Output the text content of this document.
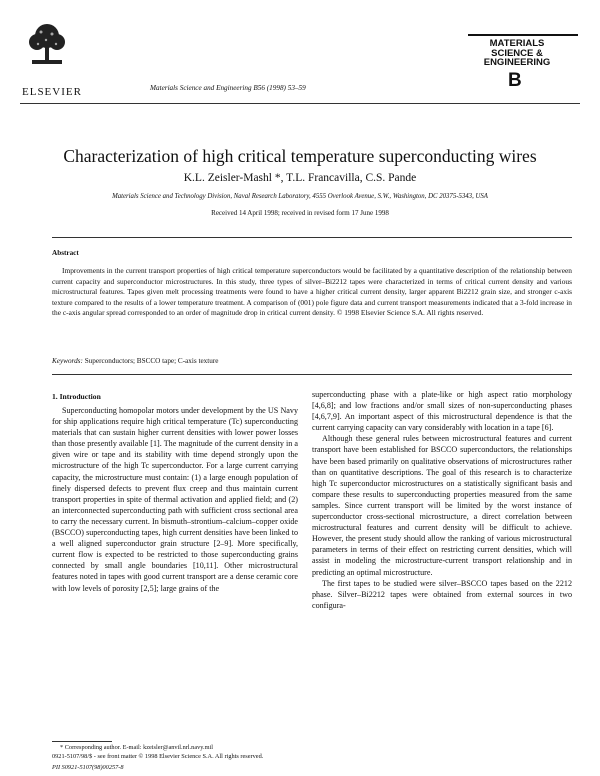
ELSEVIER	Materials Science and Engineering B56 (1998) 53–59
MATERIALS
SCIENCE &
ENGINEERING
B
Characterization of high critical temperature superconducting wires
K.L. Zeisler-Mashl *, T.L. Francavilla, C.S. Pande
Materials Science and Technology Division, Naval Research Laboratory, 4555 Overlook Avenue, S.W., Washington, DC 20375-5343, USA
Received 14 April 1998; received in revised form 17 June 1998
Abstract
Improvements in the current transport properties of high critical temperature superconductors would be facilitated by a quantitative description of the relationship between current capacity and superconductor microstructures. In this study, three types of silver–Bi2212 tapes were characterized in terms of critical current density and various microstructural features. Tapes given melt processing treatments were found to have a higher critical current density, larger apparent Bi2212 grain size, and stronger c-axis texture compared to the results of a lower temperature treatment. A comparison of (001) pole figure data and current transport measurements indicated that a 3-fold increase in the c-axis angular spread corresponded to an order of magnitude drop in critical current density. © 1998 Elsevier Science S.A. All rights reserved.
Keywords: Superconductors; BSCCO tape; C-axis texture
1. Introduction

Superconducting homopolar motors under development by the US Navy for ship applications require high critical temperature (Tc) superconducting materials that can sustain higher current densities with lower power losses than those presently available [1]. The magnitude of the current density in a given wire or tape and its stability with time depend strongly upon the microstructure of the high Tc superconductor. For a large current carrying capacity, the microstructure must contain: (1) a large enough population of finely dispersed defects to prevent flux creep and thus maintain current transport properties in spite of thermal activation and applied field; and (2) an interconnected superconducting path with sufficient cross sectional area to carry the necessary current. In bismuth–strontium–calcium–copper oxide (BSCCO) superconducting tapes, high current densities have been linked to a well aligned superconductor grain structure [2–9]. More specifically, current flow is expected to be restricted to those superconducting grains connected by small angle boundaries [10,11]. Other microstructural features noted in tapes with good current transport are a dense ceramic core with low levels of porosity [2,5]; large grains of the

superconducting phase with a plate-like or high aspect ratio morphology [4,6,8]; and low fractions and/or small sizes of non-superconducting phases [4,6,7,9]. An important aspect of this microstructural dependence is that the current carrying capacity can vary considerably with location in a tape [6].

Although these general rules between microstructural features and current transport have been established for BSCCO superconductors, the relationships have been based primarily on qualitative observations of microstructures rather than on quantitative descriptions. The goal of this research is to characterize high Tc superconductor microstructures on a statistically significant basis and compare these results to superconducting properties measured from the same samples. Since current transport will be limited by the worst instance of superconductor cross-sectional microstructure, a direct correlation between microstructural features and current density will be difficult to achieve. However, the present study should allow the ranking of various microstructural parameters in terms of their effect on restricting current densities, which will assist in modeling the microstructure-current transport relationship and in predicting an optimal microstructure.

The first tapes to be studied were silver–BSCCO tapes based on the 2212 phase. Silver–Bi2212 tapes were obtained from external sources in two configura-

* Corresponding author. E-mail: kzeisler@anvil.nrl.navy.mil
0921-5107/98/$ - see front matter © 1998 Elsevier Science S.A. All rights reserved.
PII S0921-5107(98)00257-8
